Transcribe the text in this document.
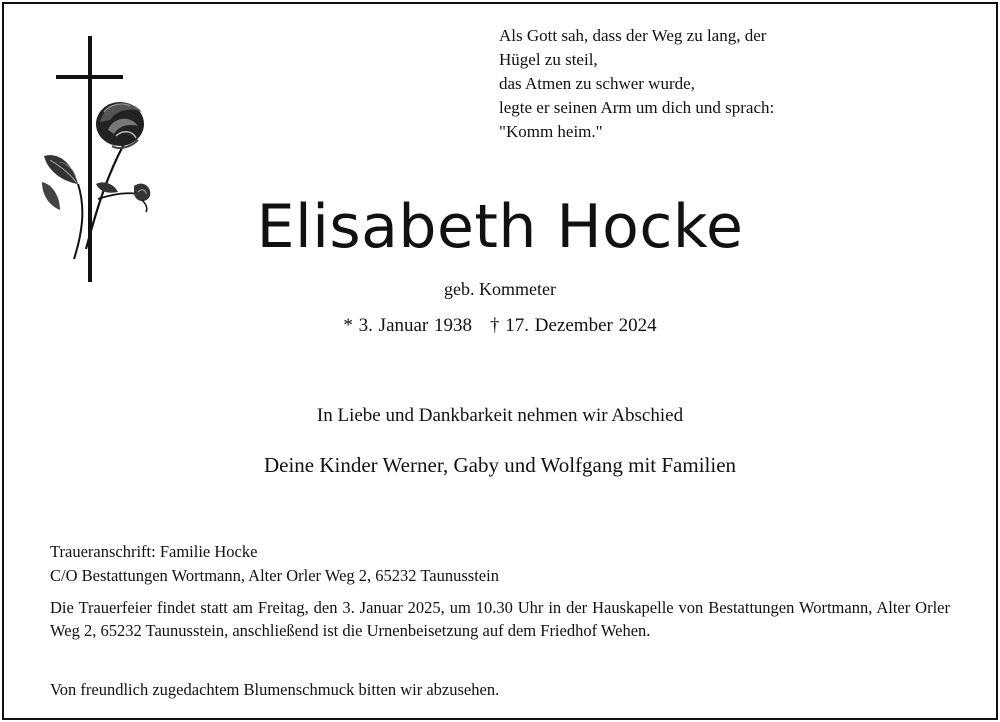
Als Gott sah, dass der Weg zu lang, der
Hügel zu steil,
das Atmen zu schwer wurde,
legte er seinen Arm um dich und sprach:
"Komm heim."
Elisabeth Hocke
geb. Kommeter
* 3. Januar 1938 † 17. Dezember 2024
In Liebe und Dankbarkeit nehmen wir Abschied
Deine Kinder Werner, Gaby und Wolfgang mit Familien
Traueranschrift: Familie Hocke
C/O Bestattungen Wortmann, Alter Orler Weg 2, 65232 Taunusstein
Die Trauerfeier findet statt am Freitag, den 3. Januar 2025, um 10.30 Uhr in der Hauskapelle von Bestattungen Wortmann, Alter Orler Weg 2, 65232 Taunusstein, anschließend ist die Urnenbeisetzung auf dem Friedhof Wehen.
Von freundlich zugedachtem Blumenschmuck bitten wir abzusehen.
